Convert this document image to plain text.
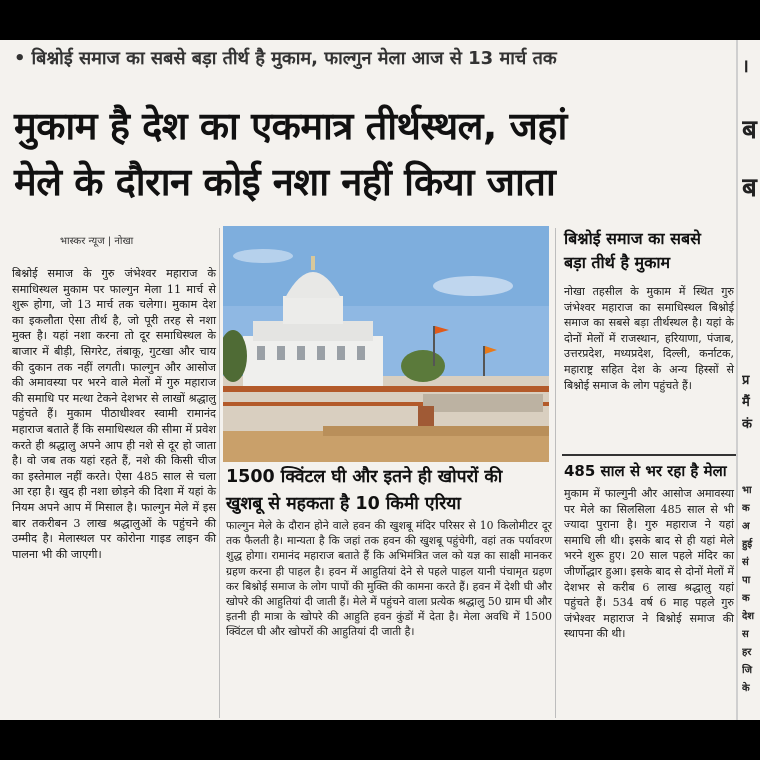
• बिश्नोई समाज का सबसे बड़ा तीर्थ है मुकाम, फाल्गुन मेला आज से 13 मार्च तक
मुकाम है देश का एकमात्र तीर्थस्थल, जहां
मेले के दौरान कोई नशा नहीं किया जाता
भास्कर न्यूज | नोखा

बिश्नोई समाज के गुरु जंभेश्वर महाराज के समाधिस्थल मुकाम पर फाल्गुन मेला 11 मार्च से शुरू होगा, जो 13 मार्च तक चलेगा। मुकाम देश का इकलौता ऐसा तीर्थ है, जो पूरी तरह से नशा मुक्त है। यहां नशा करना तो दूर समाधिस्थल के बाजार में बीड़ी, सिगरेट, तंबाकू, गुटखा और चाय की दुकान तक नहीं लगती। फाल्गुन और आसोज की अमावस्या पर भरने वाले मेलों में गुरु महाराज की समाधि पर मत्था टेकने देशभर से लाखों श्रद्धालु पहुंचते हैं। मुकाम पीठाधीश्वर स्वामी रामानंद महाराज बताते हैं कि समाधिस्थल की सीमा में प्रवेश करते ही श्रद्धालु अपने आप ही नशे से दूर हो जाता है। वो जब तक यहां रहते हैं, नशे की किसी चीज का इस्तेमाल नहीं करते। ऐसा 485 साल से चला आ रहा है। खुद ही नशा छोड़ने की दिशा में यहां के नियम अपने आप में मिसाल है। फाल्गुन मेले में इस बार तकरीबन 3 लाख श्रद्धालुओं के पहुंचने की उम्मीद है। मेलास्थल पर कोरोना गाइड लाइन की पालना भी की जाएगी।

1500 क्विंटल घी और इतने ही खोपरों की
खुशबू से महकता है 10 किमी एरिया

फाल्गुन मेले के दौरान होने वाले हवन की खुशबू मंदिर परिसर से 10 किलोमीटर दूर तक फैलती है। मान्यता है कि जहां तक हवन की खुशबू पहुंचेगी, वहां तक पर्यावरण शुद्ध होगा। रामानंद महाराज बताते हैं कि अभिमंत्रित जल को यज्ञ का साक्षी मानकर ग्रहण करना ही पाहल है। हवन में आहुतियां देने से पहले पाहल यानी पंचामृत ग्रहण कर बिश्नोई समाज के लोग पापों की मुक्ति की कामना करते हैं। हवन में देशी घी और खोपरे की आहुतियां दी जाती हैं। मेले में पहुंचने वाला प्रत्येक श्रद्धालु 50 ग्राम घी और इतनी ही मात्रा के खोपरे की आहुति हवन कुंडों में देता है। मेला अवधि में 1500 क्विंटल घी और खोपरों की आहुतियां दी जाती है।

बिश्नोई समाज का सबसे
बड़ा तीर्थ है मुकाम

नोखा तहसील के मुकाम में स्थित गुरु जंभेश्वर महाराज का समाधिस्थल बिश्नोई समाज का सबसे बड़ा तीर्थस्थल है। यहां के दोनों मेलों में राजस्थान, हरियाणा, पंजाब, उत्तरप्रदेश, मध्यप्रदेश, दिल्ली, कर्नाटक, महाराष्ट्र सहित देश के अन्य हिस्सों से बिश्नोई समाज के लोग पहुंचते हैं।

485 साल से भर रहा है मेला

मुकाम में फाल्गुनी और आसोज अमावस्या पर मेले का सिलसिला 485 साल से भी ज्यादा पुराना है। गुरु महाराज ने यहां समाधि ली थी। इसके बाद से ही यहां मेले भरने शुरू हुए। 20 साल पहले मंदिर का जीर्णोद्धार हुआ। इसके बाद से दोनों मेलों में देशभर से करीब 6 लाख श्रद्धालु यहां पहुंचते हैं। 534 वर्ष 6 माह पहले गुरु जंभेश्वर महाराज ने बिश्नोई समाज की स्थापना की थी।

।
ब
ब
प्र
मैं
कं
भा
क
अ
हुई
सं
पा
क
देश
स
हर
जि
के
